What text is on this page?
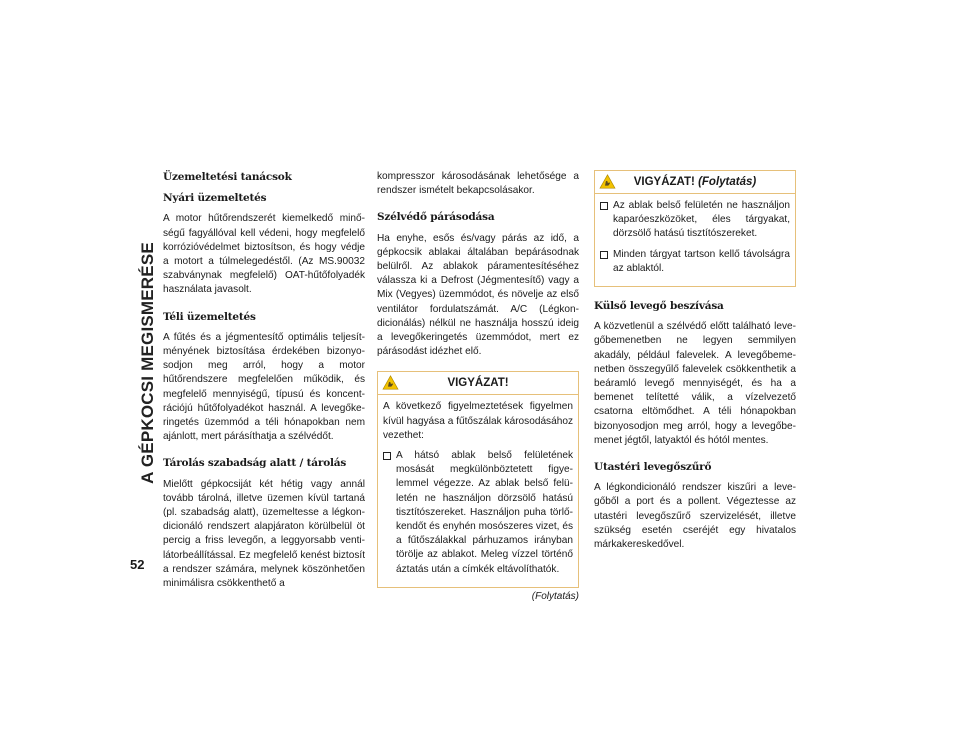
A GÉPKOCSI MEGISMERÉSE
52
Üzemeltetési tanácsok
Nyári üzemeltetés

A motor hűtőrendszerét kiemelkedő minő-ségű fagyállóval kell védeni, hogy megfelelő korrózióvédelmet biztosítson, és hogy védje a motort a túlmelegedéstől. (Az MS.90032 szabványnak megfelelő) OAT-hűtőfolyadék használata javasolt.

Téli üzemeltetés

A fűtés és a jégmentesítő optimális teljesít-ményének biztosítása érdekében bizonyo-sodjon meg arról, hogy a motor hűtőrendszere megfelelően működik, és megfelelő mennyiségű, típusú és koncent-rációjú hűtőfolyadékot használ. A levegőke-ringetés üzemmód a téli hónapokban nem ajánlott, mert párásíthatja a szélvédőt.

Tárolás szabadság alatt / tárolás

Mielőtt gépkocsiját két hétig vagy annál tovább tárolná, illetve üzemen kívül tartaná (pl. szabadság alatt), üzemeltesse a légkon-dicionáló rendszert alapjáraton körülbelül öt percig a friss levegőn, a leggyorsabb venti-látorbeállítással. Ez megfelelő kenést biztosít a rendszer számára, melynek köszönhetően minimálisra csökkenthető a

kompresszor károsodásának lehetősége a rendszer ismételt bekapcsolásakor.

Szélvédő párásodása

Ha enyhe, esős és/vagy párás az idő, a gépkocsik ablakai általában bepárásodnak belülről. Az ablakok páramentesítéséhez válassza ki a Defrost (Jégmentesítő) vagy a Mix (Vegyes) üzemmódot, és növelje az első ventilátor fordulatszámát. A/C (Légkon-dicionálás) nélkül ne használja hosszú ideig a levegőkeringetés üzemmódot, mert ez párásodást idézhet elő.

VIGYÁZAT!

A következő figyelmeztetések figyelmen kívül hagyása a fűtőszálak károsodásához vezethet:

A hátsó ablak belső felületének mosását megkülönböztetett figye-lemmel végezze. Az ablak belső felü-letén ne használjon dörzsölő hatású tisztítószereket. Használjon puha törlő-kendőt és enyhén mosószeres vizet, és a fűtőszálakkal párhuzamos irányban törölje az ablakot. Meleg vízzel történő áztatás után a címkék eltávolíthatók.

(Folytatás)

VIGYÁZAT! (Folytatás)
Az ablak belső felületén ne használjon kaparóeszközöket, éles tárgyakat, dörzsölő hatású tisztítószereket.
Minden tárgyat tartson kellő távolságra az ablaktól.
Külső levegő beszívása

A közvetlenül a szélvédő előtt található leve-gőbemenetben ne legyen semmilyen akadály, például falevelek. A levegőbeme-netben összegyűlő falevelek csökkenthetik a beáramló levegő mennyiségét, és ha a bemenet telítetté válik, a vízelvezető csatorna eltömődhet. A téli hónapokban bizonyosodjon meg arról, hogy a levegőbe-menet jégtől, latyaktól és hótól mentes.

Utastéri levegőszűrő

A légkondicionáló rendszer kiszűri a leve-gőből a port és a pollent. Végeztesse az utastéri levegőszűrő szervizelését, illetve szükség esetén cseréjét egy hivatalos márkakereskedővel.
